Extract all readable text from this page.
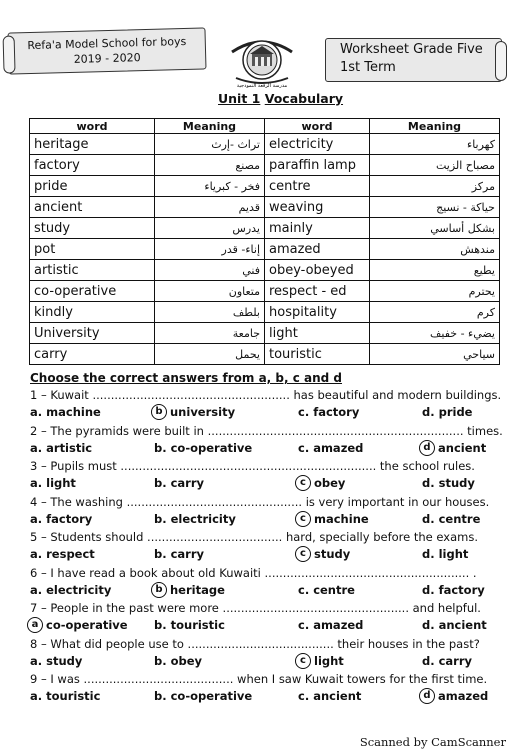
Refa'a Model School for boys
2019 - 2020
مدرسة الرفعة النموذجية
Worksheet Grade Five
1st Term
Unit 1 Vocabulary
word	Meaning	word	Meaning
heritage	تراث -إرث	electricity	كهرباء
factory	مصنع	paraffin lamp	مصباح الزيت
pride	فخر - كبرياء	centre	مركز
ancient	قديم	weaving	حياكة - نسيج
study	يدرس	mainly	بشكل أساسي
pot	إناء- قدر	amazed	مندهش
artistic	فني	obey-obeyed	يطيع
co-operative	متعاون	respect - ed	يحترم
kindly	بلطف	hospitality	كرم
University	جامعة	light	يضيء - خفيف
carry	يحمل	touristic	سياحي
Choose the correct answers from a, b, c and d
1 – Kuwait ...................................................... has beautiful and modern buildings.
a. machine	b university	c. factory	d. pride
2 – The pyramids were built in ...................................................................... times.
a. artistic	b. co-operative	c. amazed	d ancient
3 – Pupils must ...................................................................... the school rules.
a. light	b. carry	c obey	d. study
4 – The washing ................................................ is very important in our houses.
a. factory	b. electricity	c machine	d. centre
5 – Students should ..................................... hard, specially before the exams.
a. respect	b. carry	c study	d. light
6 – I have read a book about old Kuwaiti ........................................................ .
a. electricity	b heritage	c. centre	d. factory
7 – People in the past were more ................................................... and helpful.
a co-operative b. touristic	c. amazed	d. ancient
8 – What did people use to ........................................ their houses in the past?
a. study	b. obey	c light	d. carry
9 – I was ......................................... when I saw Kuwait towers for the first time.
a. touristic	b. co-operative	c. ancient	d amazed
Scanned by CamScanner
